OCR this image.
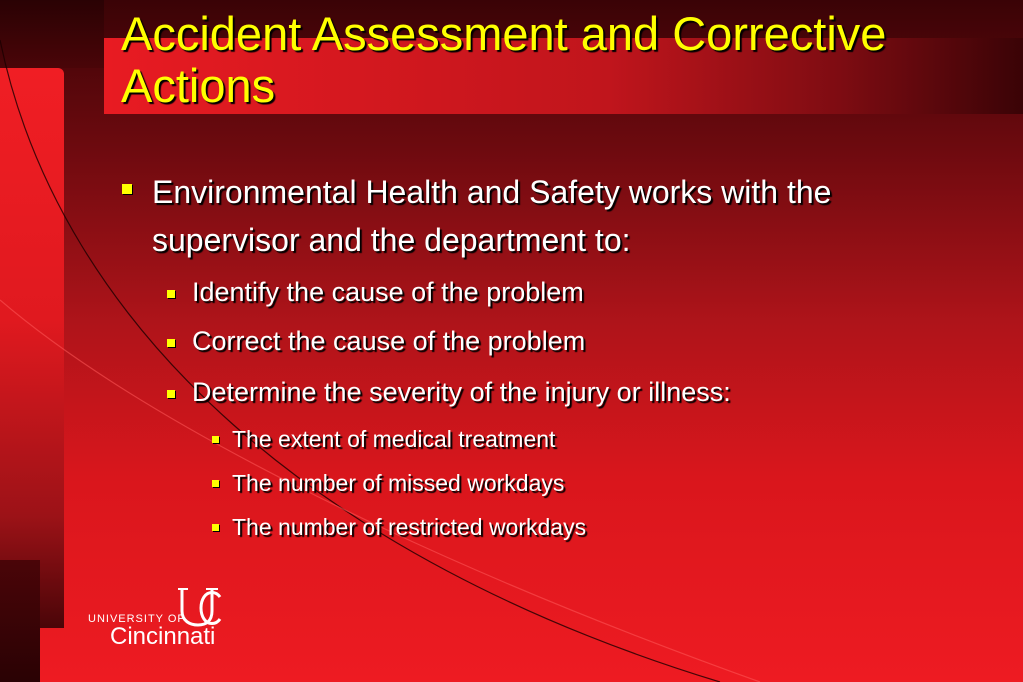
Accident Assessment and Corrective Actions
Environmental Health and Safety works with the supervisor and the department to:
Identify the cause of the problem
Correct the cause of the problem
Determine the severity of the injury or illness:
The extent of medical treatment
The number of missed workdays
The number of restricted workdays
UNIVERSITY OF
Cincinnati
